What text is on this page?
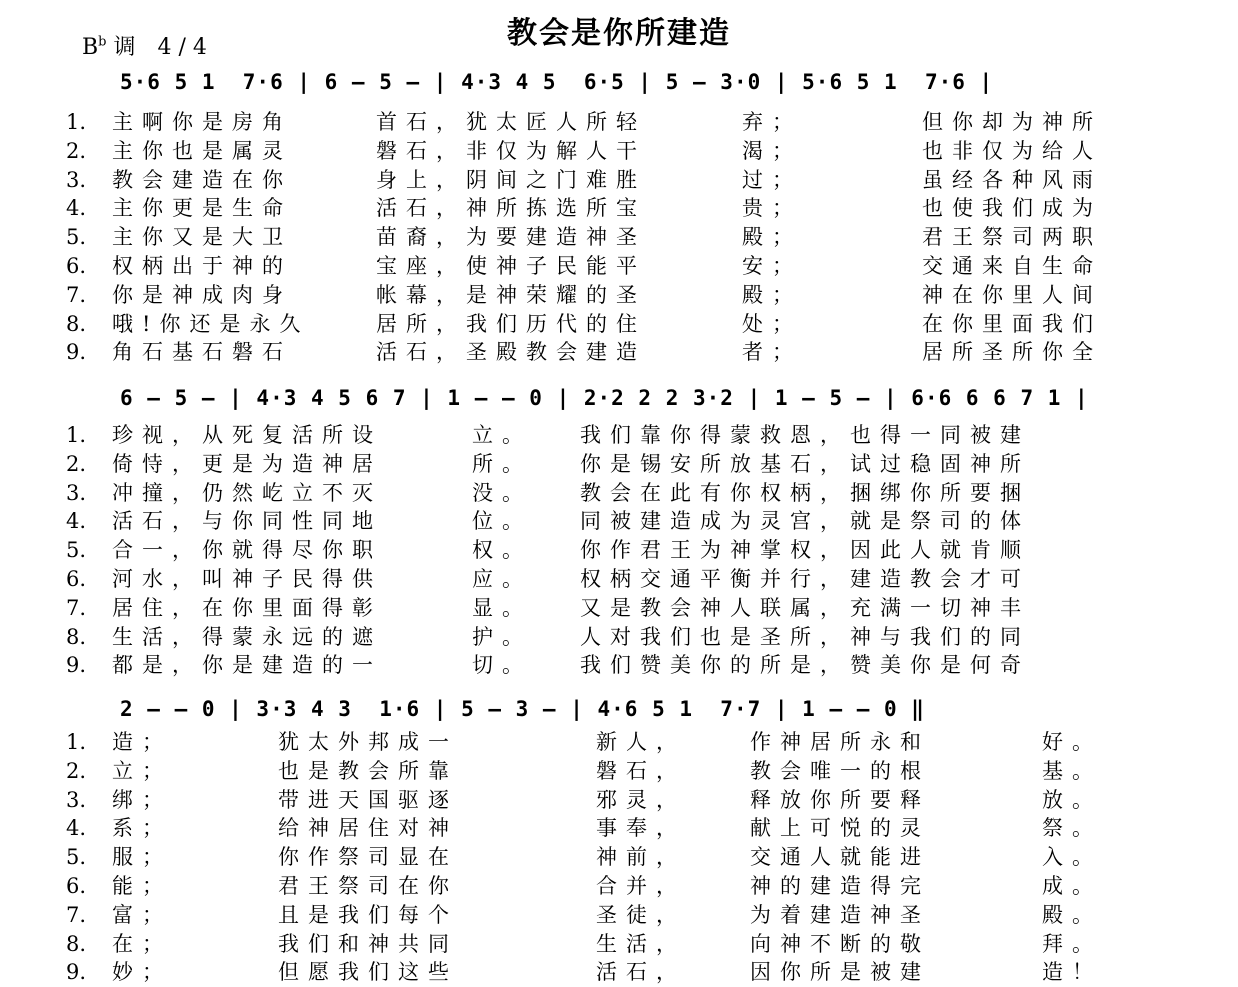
教会是你所建造
$B^b$ 调　4 / 4
5·6 5 1  7·6 | 6 — 5 — | 4·3 4 5  6·5 | 5 — 3·0 | 5·6 5 1  7·6 |
1.	主啊你是房角	首石，犹太匠人所轻	弃；	但你却为神所
2.	主你也是属灵	磐石，非仅为解人干	渴；	也非仅为给人
3.	教会建造在你	身上，阴间之门难胜	过；	虽经各种风雨
4.	主你更是生命	活石，神所拣选所宝	贵；	也使我们成为
5.	主你又是大卫	苗裔，为要建造神圣	殿；	君王祭司两职
6.	权柄出于神的	宝座，使神子民能平	安；	交通来自生命
7.	你是神成肉身	帐幕，是神荣耀的圣	殿；	神在你里人间
8.	哦!你还是永久	居所，我们历代的住	处；	在你里面我们
9.	角石基石磐石	活石，圣殿教会建造	者；	居所圣所你全
6 — 5 — | 4·3 4 5 6 7 | 1 — — 0 | 2·2 2 2 3·2 | 1 — 5 — | 6·6 6 6 7 1 |
1.	珍视，从死复活所设	立。 我们靠你得蒙救恩，也得一同被建
2.	倚恃，更是为造神居	所。 你是锡安所放基石，试过稳固神所
3.	冲撞，仍然屹立不灭	没。 教会在此有你权柄，捆绑你所要捆
4.	活石，与你同性同地	位。 同被建造成为灵宫，就是祭司的体
5.	合一，你就得尽你职	权。 你作君王为神掌权，因此人就肯顺
6.	河水，叫神子民得供	应。 权柄交通平衡并行，建造教会才可
7.	居住，在你里面得彰	显。 又是教会神人联属，充满一切神丰
8.	生活，得蒙永远的遮	护。 人对我们也是圣所，神与我们的同
9.	都是，你是建造的一	切。 我们赞美你的所是，赞美你是何奇
2 — — 0 | 3·3 4 3  1·6 | 5 — 3 — | 4·6 5 1  7·7 | 1 — — 0 ‖
1.	造；	犹太外邦成一	新人，	作神居所永和	好。
2.	立；	也是教会所靠	磐石，	教会唯一的根	基。
3.	绑；	带进天国驱逐	邪灵，	释放你所要释	放。
4.	系；	给神居住对神	事奉，	献上可悦的灵	祭。
5.	服；	你作祭司显在	神前，	交通人就能进	入。
6.	能；	君王祭司在你	合并，	神的建造得完	成。
7.	富；	且是我们每个	圣徒，	为着建造神圣	殿。
8.	在；	我们和神共同	生活，	向神不断的敬	拜。
9.	妙；	但愿我们这些	活石，	因你所是被建	造！
